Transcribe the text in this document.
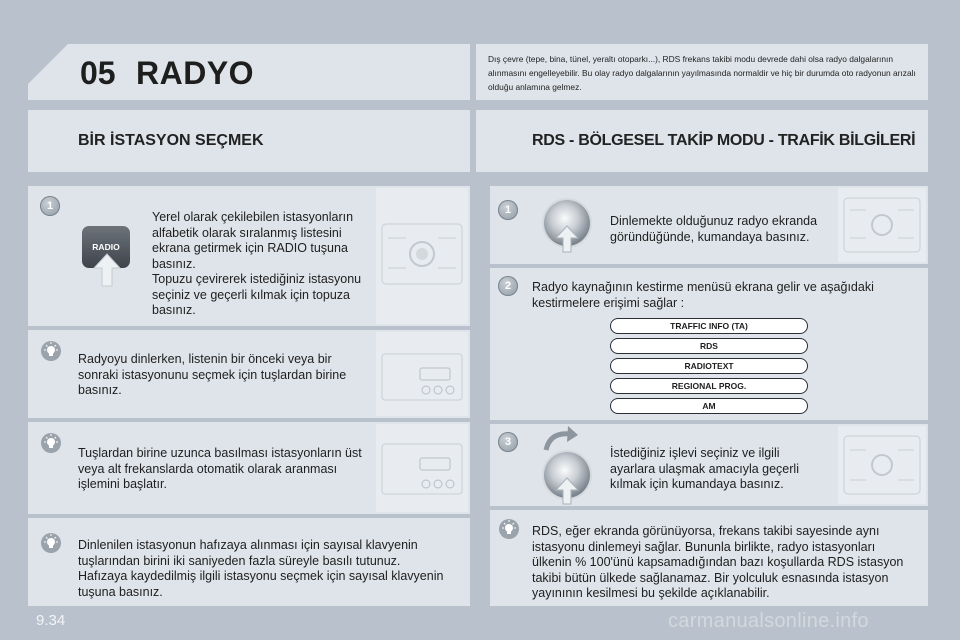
05 RADYO	Dış çevre (tepe, bina, tünel, yeraltı otoparkı...), RDS frekans takibi modu devrede dahi olsa radyo dalgalarının alınmasını engelleyebilir. Bu olay radyo dalgalarının yayılmasında normaldir ve hiç bir durumda oto radyonun arızalı olduğu anlamına gelmez.
BİR İSTASYON SEÇMEK	RDS - BÖLGESEL TAKİP MODU - TRAFİK BİLGİLERİ
1
RADIO
Yerel olarak çekilebilen istasyonların alfabetik olarak sıralanmış listesini ekrana getirmek için RADIO tuşuna basınız.
Topuzu çevirerek istediğiniz istasyonu seçiniz ve geçerli kılmak için topuza basınız.
Radyoyu dinlerken, listenin bir önceki veya bir sonraki istasyonunu seçmek için tuşlardan birine basınız.
Tuşlardan birine uzunca basılması istasyonların üst veya alt frekanslarda otomatik olarak aranması işlemini başlatır.
Dinlenilen istasyonun hafızaya alınması için sayısal klavyenin tuşlarından birini iki saniyeden fazla süreyle basılı tutunuz.
Hafızaya kaydedilmiş ilgili istasyonu seçmek için sayısal klavyenin tuşuna basınız.
1
Dinlemekte olduğunuz radyo ekranda göründüğünde, kumandaya basınız.
2	Radyo kaynağının kestirme menüsü ekrana gelir ve aşağıdaki kestirmelere erişimi sağlar :
TRAFFIC INFO (TA)
RDS
RADIOTEXT
REGIONAL PROG.
AM
3
İstediğiniz işlevi seçiniz ve ilgili ayarlara ulaşmak amacıyla geçerli kılmak için kumandaya basınız.
RDS, eğer ekranda görünüyorsa, frekans takibi sayesinde aynı istasyonu dinlemeyi sağlar. Bununla birlikte, radyo istasyonları ülkenin % 100'ünü kapsamadığından bazı koşullarda RDS istasyon takibi bütün ülkede sağlanamaz. Bir yolculuk esnasında istasyon yayınının kesilmesi bu şekilde açıklanabilir.
9.34	carmanualsonline.info
